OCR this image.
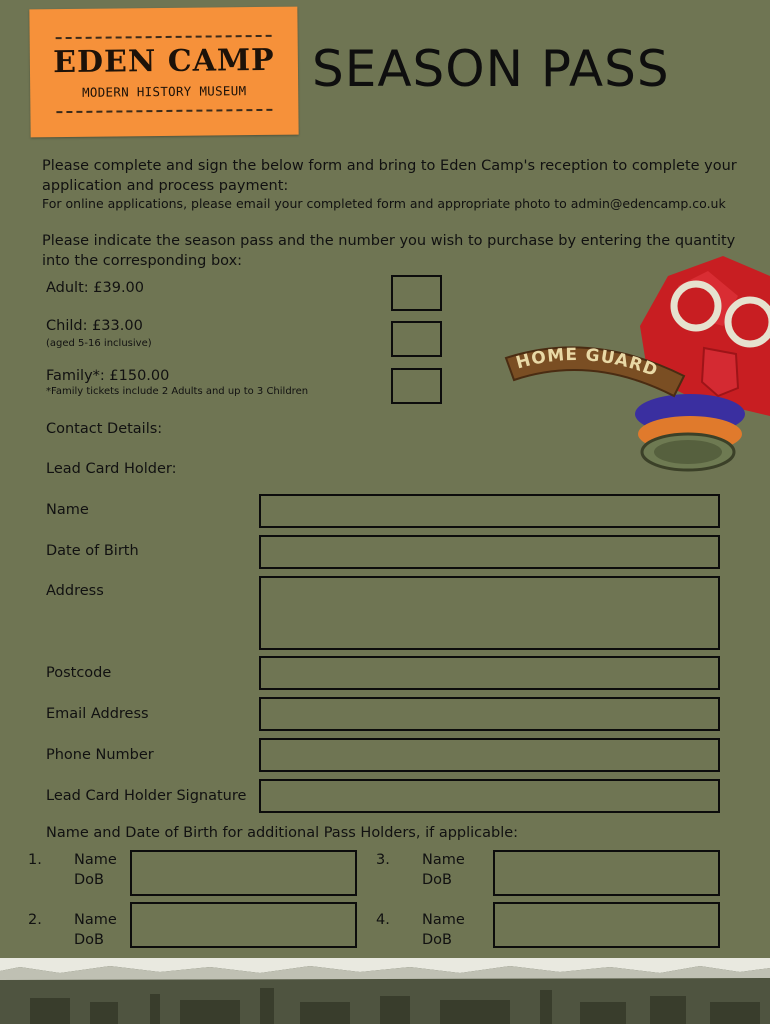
EDEN CAMP
MODERN HISTORY MUSEUM	SEASON PASS
Please complete and sign the below form and bring to Eden Camp's reception to complete your
application and process payment:
For online applications, please email your completed form and appropriate photo to admin@edencamp.co.uk
Please indicate the season pass and the number you wish to purchase by entering the quantity
into the corresponding box:
Adult: £39.00
Child: £33.00
(aged 5-16 inclusive)
Family*: £150.00
*Family tickets include 2 Adults and up to 3 Children
HOME GUARD
Contact Details:
Lead Card Holder:
Name
Date of Birth
Address
Postcode
Email Address
Phone Number
Lead Card Holder Signature
Name and Date of Birth for additional Pass Holders, if applicable:
1. Name
DoB
2. Name
DoB
3. Name
DoB
4. Name
DoB
